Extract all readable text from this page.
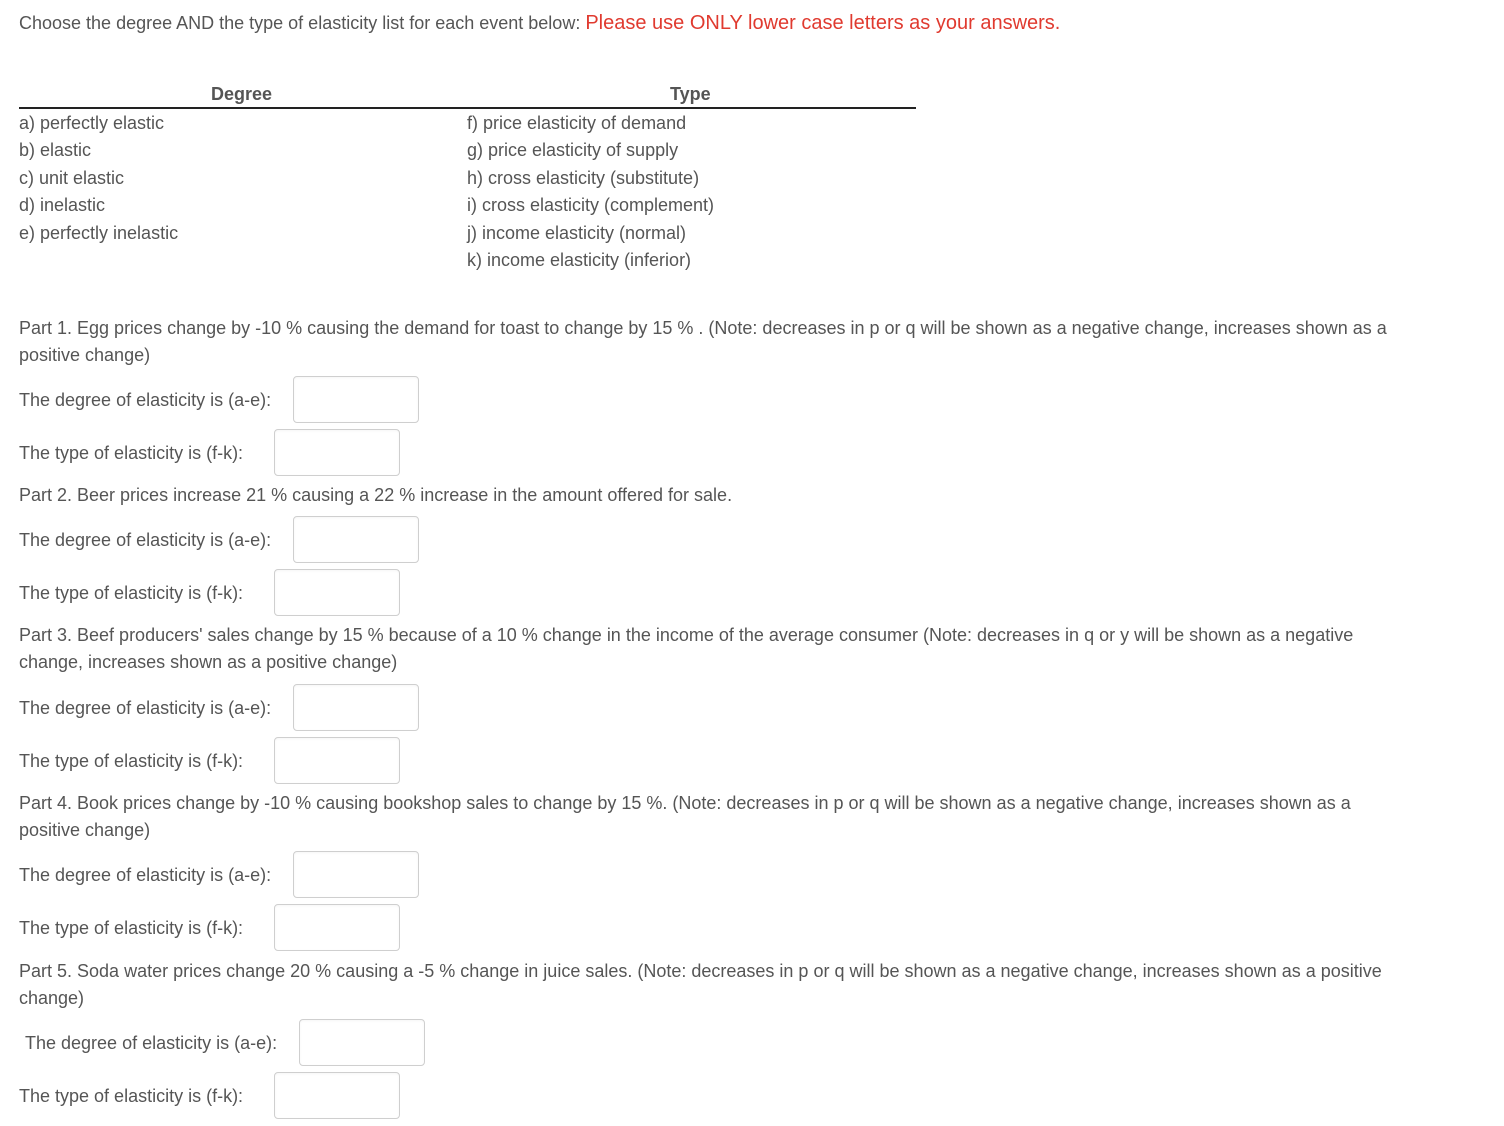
Choose the degree AND the type of elasticity list for each event below: Please use ONLY lower case letters as your answers.
Degree	Type
a) perfectly elastic
b) elastic
c) unit elastic
d) inelastic
e) perfectly inelastic
f) price elasticity of demand
g) price elasticity of supply
h) cross elasticity (substitute)
i) cross elasticity (complement)
j) income elasticity (normal)
k) income elasticity (inferior)
Part 1. Egg prices change by -10 % causing the demand for toast to change by 15 % . (Note: decreases in p or q will be shown as a negative change, increases shown as a positive change)
The degree of elasticity is (a-e):
The type of elasticity is (f-k):
Part 2. Beer prices increase 21 % causing a 22 % increase in the amount offered for sale.
The degree of elasticity is (a-e):
The type of elasticity is (f-k):
Part 3. Beef producers' sales change by 15 % because of a 10 % change in the income of the average consumer (Note: decreases in q or y will be shown as a negative change, increases shown as a positive change)
The degree of elasticity is (a-e):
The type of elasticity is (f-k):
Part 4. Book prices change by -10 % causing bookshop sales to change by 15 %. (Note: decreases in p or q will be shown as a negative change, increases shown as a positive change)
The degree of elasticity is (a-e):
The type of elasticity is (f-k):
Part 5. Soda water prices change 20 % causing a -5 % change in juice sales. (Note: decreases in p or q will be shown as a negative change, increases shown as a positive change)
The degree of elasticity is (a-e):
The type of elasticity is (f-k):
